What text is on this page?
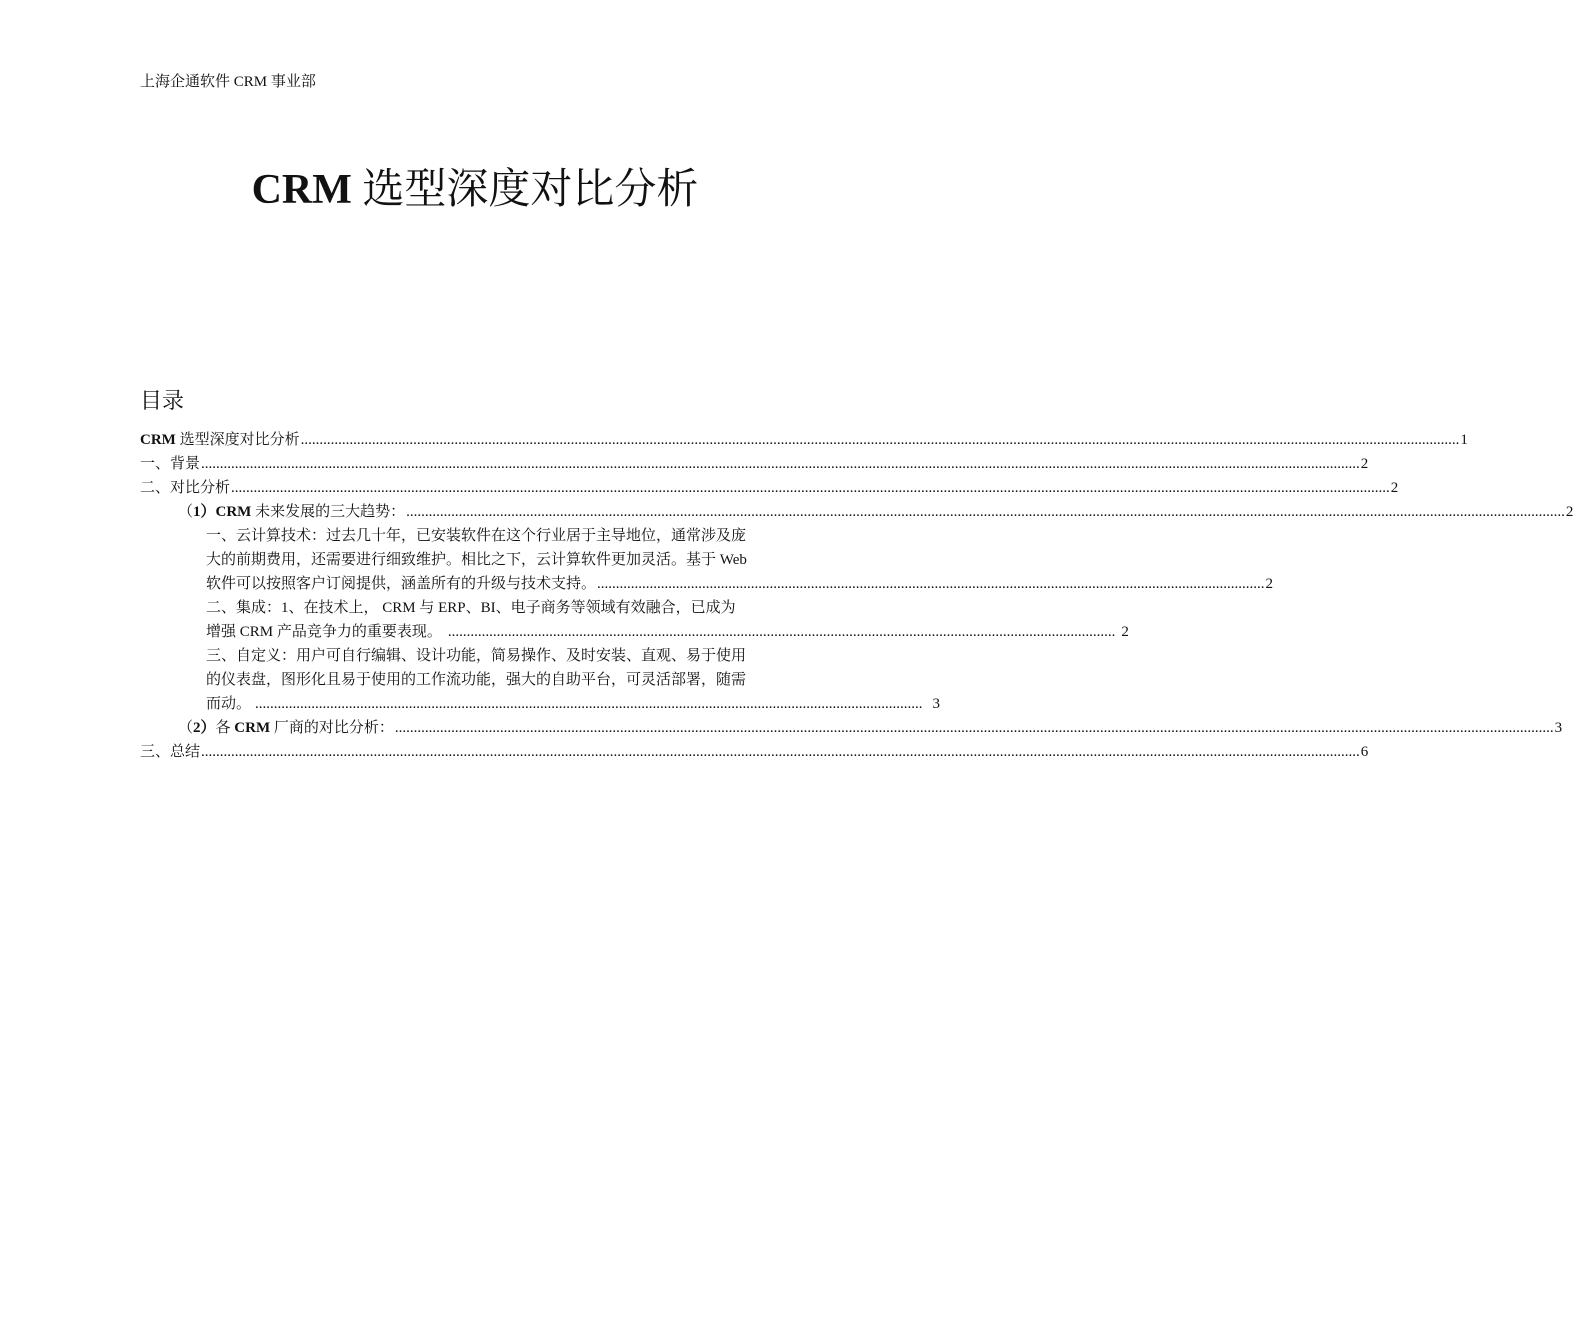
上海企通软件 CRM 事业部
CRM 选型深度对比分析
目录
CRM 选型深度对比分析 .....	1
一、背景 .....	2
二、对比分析 .....	2
（1）CRM 未来发展的三大趋势： .....	2
一、云计算技术：过去几十年，已安装软件在这个行业居于主导地位，通常涉及庞
大的前期费用，还需要进行细致维护。相比之下，云计算软件更加灵活。基于 Web
软件可以按照客户订阅提供，涵盖所有的升级与技术支持。 .................................................................................................................................................................................. 2
二、集成：1、在技术上， CRM 与 ERP、BI、电子商务等领域有效融合，已成为
增强 CRM 产品竞争力的重要表现。 .................................................................................................................................................................................. 2
三、自定义：用户可自行编辑、设计功能，简易操作、及时安装、直观、易于使用
的仪表盘，图形化且易于使用的工作流功能，强大的自助平台，可灵活部署，随需
而动。 .................................................................................................................................................................................. 3
（2）各 CRM 厂商的对比分析： .....	3
三、总结 .....	6
